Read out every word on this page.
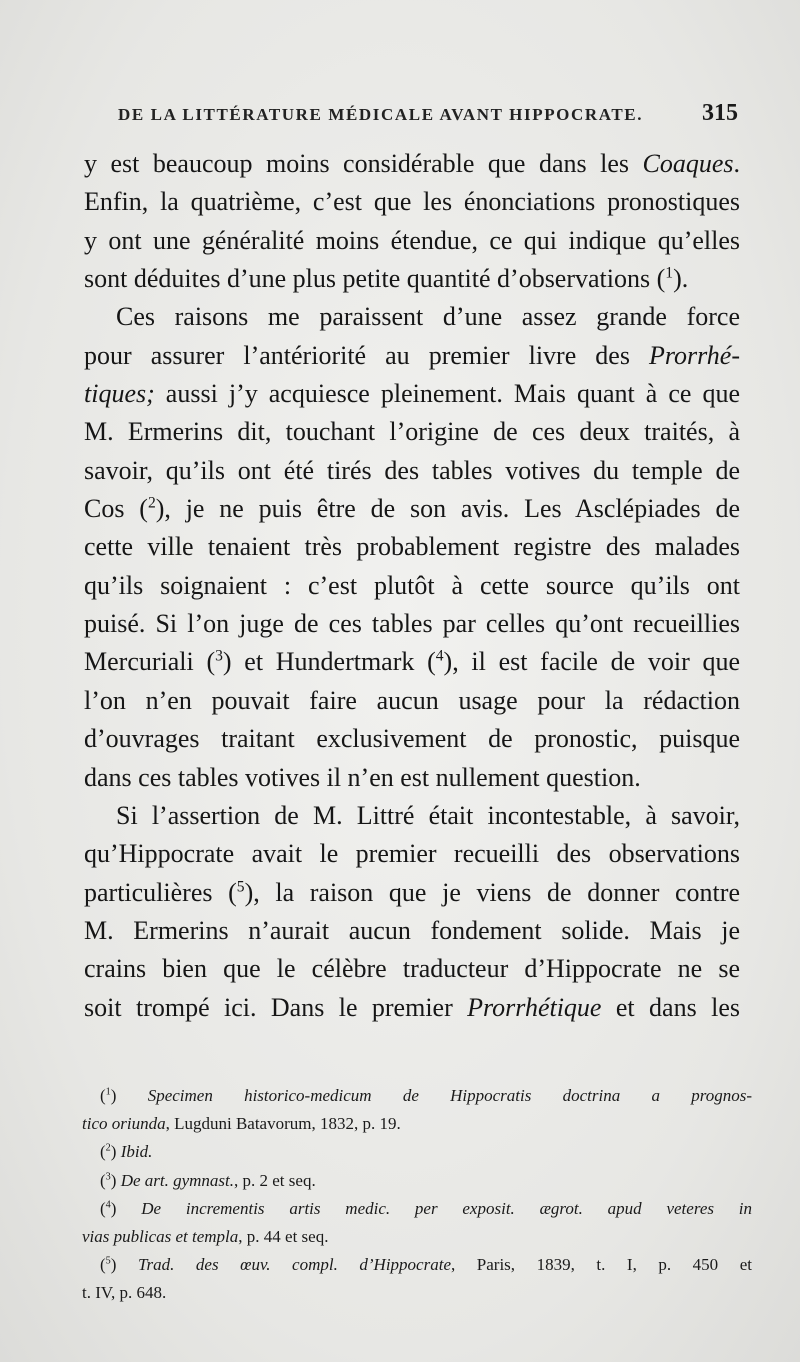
DE LA LITTÉRATURE MÉDICALE AVANT HIPPOCRATE. 315
y est beaucoup moins considérable que dans les Coaques.
Enfin, la quatrième, c’est que les énonciations pronostiques
y ont une généralité moins étendue, ce qui indique qu’elles
sont déduites d’une plus petite quantité d’observations ($^1$).
Ces raisons me paraissent d’une assez grande force
pour assurer l’antériorité au premier livre des Prorrhé-
tiques; aussi j’y acquiesce pleinement. Mais quant à ce que
M. Ermerins dit, touchant l’origine de ces deux traités, à
savoir, qu’ils ont été tirés des tables votives du temple de
Cos ($^2$), je ne puis être de son avis. Les Asclépiades de
cette ville tenaient très probablement registre des malades
qu’ils soignaient : c’est plutôt à cette source qu’ils ont
puisé. Si l’on juge de ces tables par celles qu’ont recueillies
Mercuriali ($^3$) et Hundertmark ($^4$), il est facile de voir que
l’on n’en pouvait faire aucun usage pour la rédaction
d’ouvrages traitant exclusivement de pronostic, puisque
dans ces tables votives il n’en est nullement question.
Si l’assertion de M. Littré était incontestable, à savoir,
qu’Hippocrate avait le premier recueilli des observations
particulières ($^5$), la raison que je viens de donner contre
M. Ermerins n’aurait aucun fondement solide. Mais je
crains bien que le célèbre traducteur d’Hippocrate ne se
soit trompé ici. Dans le premier Prorrhétique et dans les
($^1$) Specimen historico-medicum de Hippocratis doctrina a prognos-
tico oriunda, Lugduni Batavorum, 1832, p. 19.
($^2$) Ibid.
($^3$) De art. gymnast., p. 2 et seq.
($^4$) De incrementis artis medic. per exposit. ægrot. apud veteres in
vias publicas et templa, p. 44 et seq.
($^5$) Trad. des œuv. compl. d’Hippocrate, Paris, 1839, t. I, p. 450 et
t. IV, p. 648.
